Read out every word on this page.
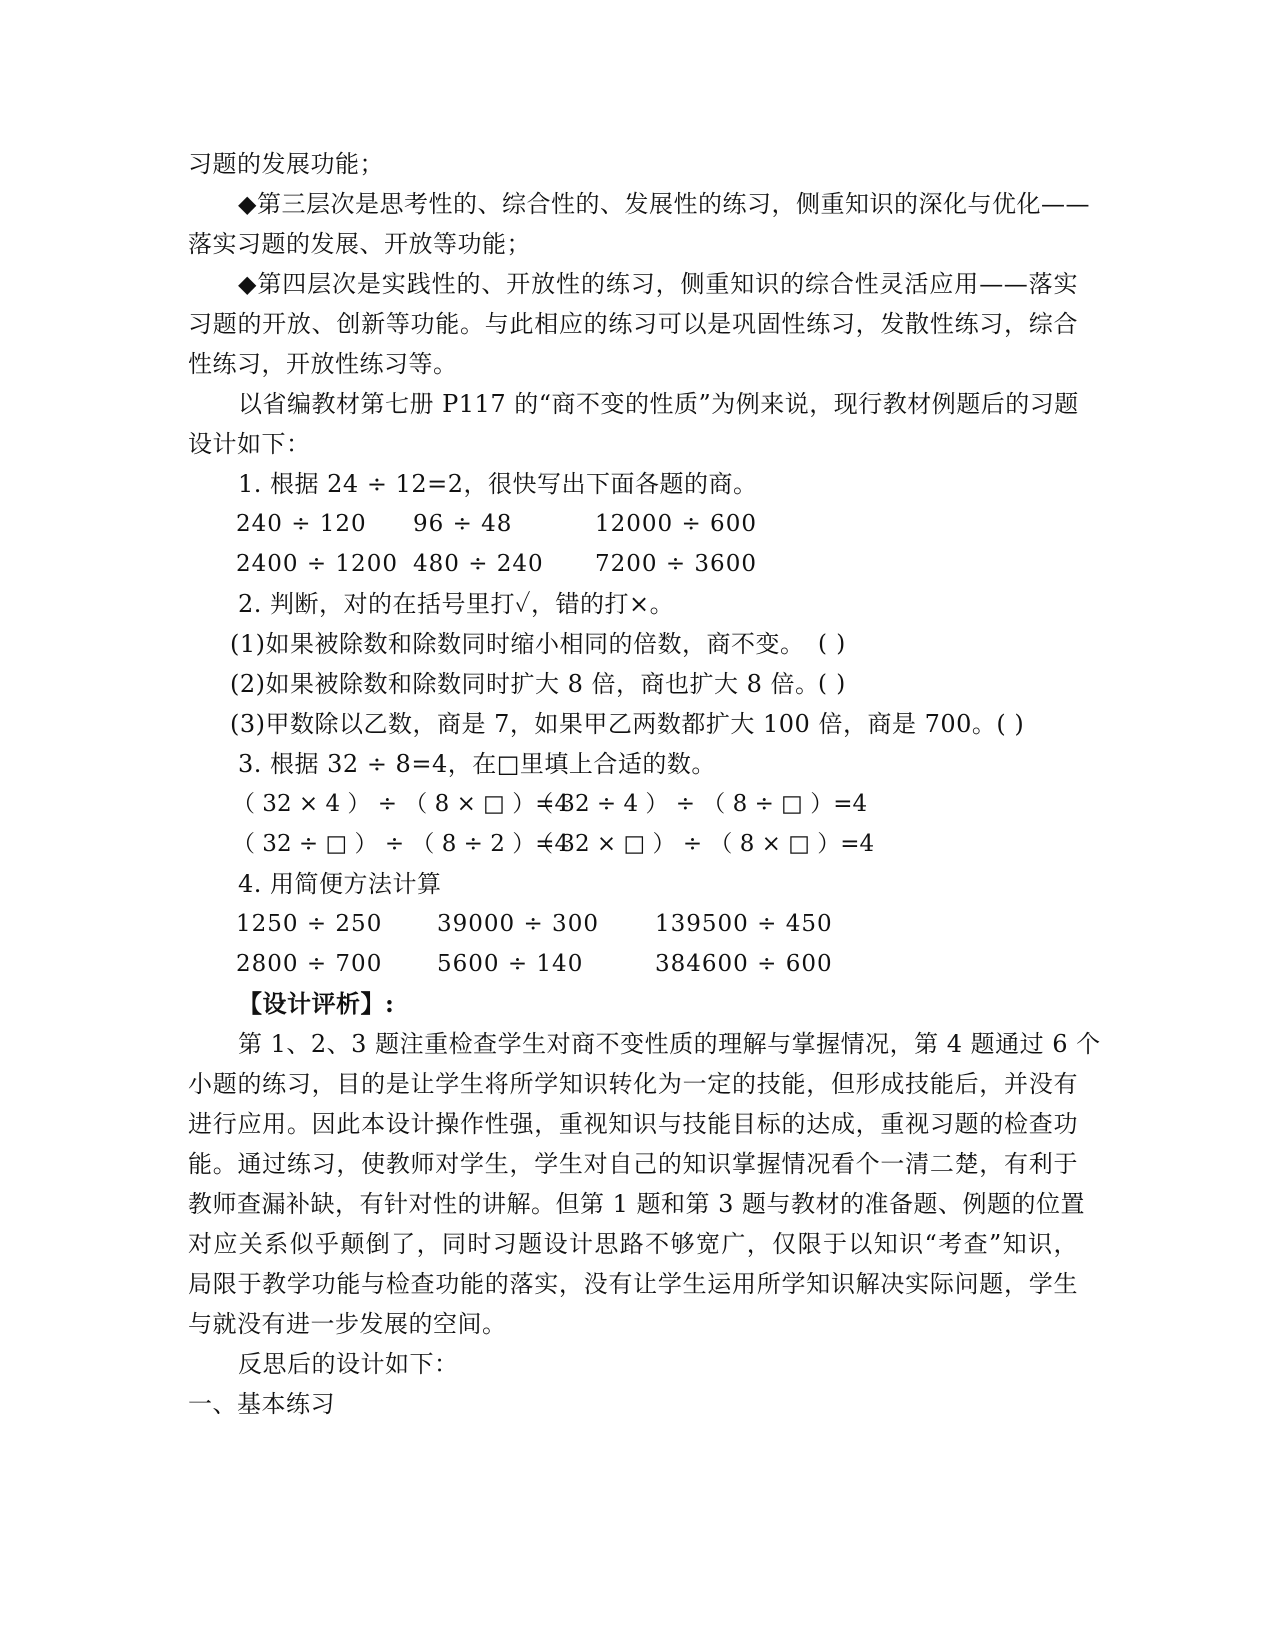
习题的发展功能；
◆第三层次是思考性的、综合性的、发展性的练习，侧重知识的深化与优化——
落实习题的发展、开放等功能；
◆第四层次是实践性的、开放性的练习，侧重知识的综合性灵活应用——落实
习题的开放、创新等功能。与此相应的练习可以是巩固性练习，发散性练习，综合
性练习，开放性练习等。
以省编教材第七册 P117 的“商不变的性质”为例来说，现行教材例题后的习题
设计如下：
1. 根据 24 ÷ 12=2，很快写出下面各题的商。
240 ÷ 120 96 ÷ 48	12000 ÷ 600
2400 ÷ 1200 480 ÷ 240 7200 ÷ 3600
2. 判断，对的在括号里打✓，错的打×。
(1)如果被除数和除数同时缩小相同的倍数，商不变。 ( )
(2)如果被除数和除数同时扩大 8 倍，商也扩大 8 倍。
( )
(3)甲数除以乙数，商是 7，如果甲乙两数都扩大 100 倍，商是 700。( )
3. 根据 32 ÷ 8=4，在□里填上合适的数。
（ 32 × 4 ） ÷ （ 8 × □ ）=4
（ 32 ÷ 4 ） ÷ （ 8 ÷ □ ）=4
（ 32 ÷ □ ） ÷ （ 8 ÷ 2 ）=4
（ 32 × □ ） ÷ （ 8 × □ ）=4
4. 用简便方法计算
1250 ÷ 250 39000 ÷ 300 139500 ÷ 450
2800 ÷ 700 5600 ÷ 140	384600 ÷ 600
【设计评析】:
第 1、2、3 题注重检查学生对商不变性质的理解与掌握情况，第 4 题通过 6 个
小题的练习，目的是让学生将所学知识转化为一定的技能，但形成技能后，并没有
进行应用。因此本设计操作性强，重视知识与技能目标的达成，重视习题的检查功
能。通过练习，使教师对学生，学生对自己的知识掌握情况看个一清二楚，有利于
教师查漏补缺，有针对性的讲解。但第 1 题和第 3 题与教材的准备题、例题的位置
对应关系似乎颠倒了，同时习题设计思路不够宽广，仅限于以知识“考查”知识，
局限于教学功能与检查功能的落实，没有让学生运用所学知识解决实际问题，学生
与就没有进一步发展的空间。
反思后的设计如下：
一、基本练习
